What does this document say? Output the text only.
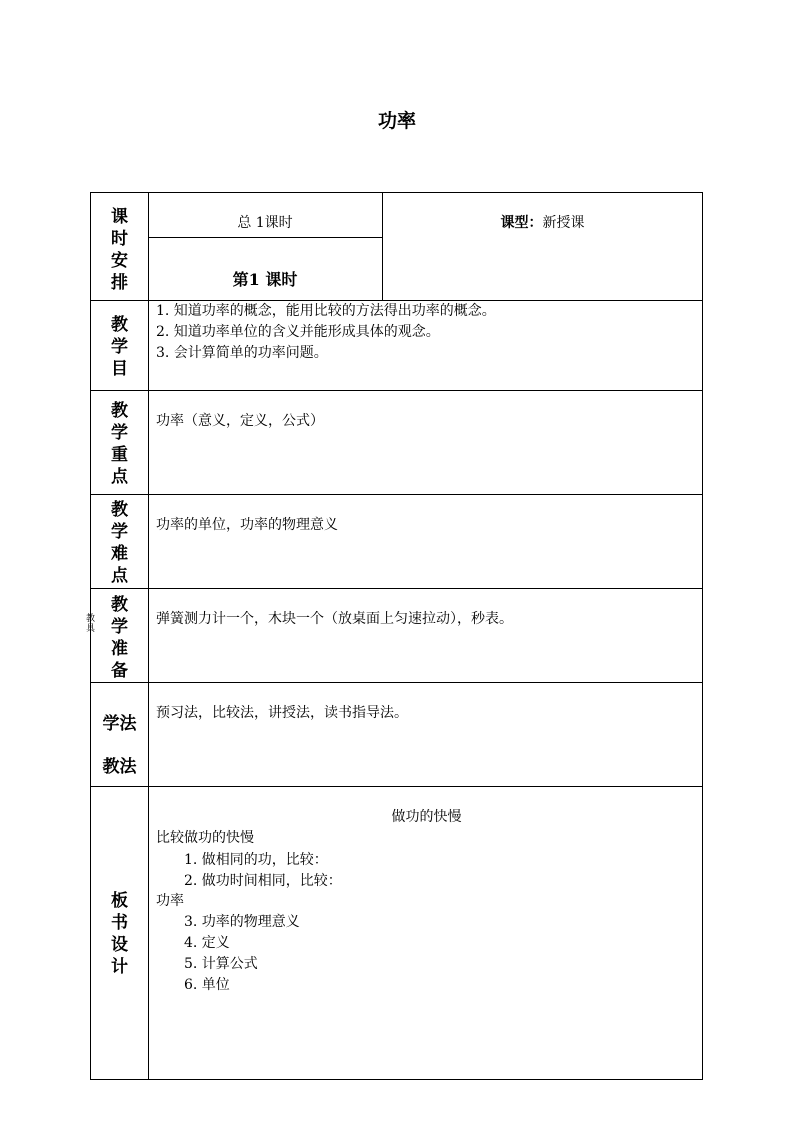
功率
课时安排
总 1课时
第1 课时
课型：新授课
教学目
1. 知道功率的概念，能用比较的方法得出功率的概念。
2. 知道功率单位的含义并能形成具体的观念。
3. 会计算简单的功率问题。
教学重点
功率（意义，定义，公式）
教学难点
功率的单位，功率的物理意义
教具
教学准备
弹簧测力计一个，木块一个（放桌面上匀速拉动），秒表。
学法
教法
预习法，比较法，讲授法，读书指导法。
板书设计
做功的快慢
比较做功的快慢
1. 做相同的功，比较：
2. 做功时间相同，比较：
功率
3. 功率的物理意义
4. 定义
5. 计算公式
6. 单位
